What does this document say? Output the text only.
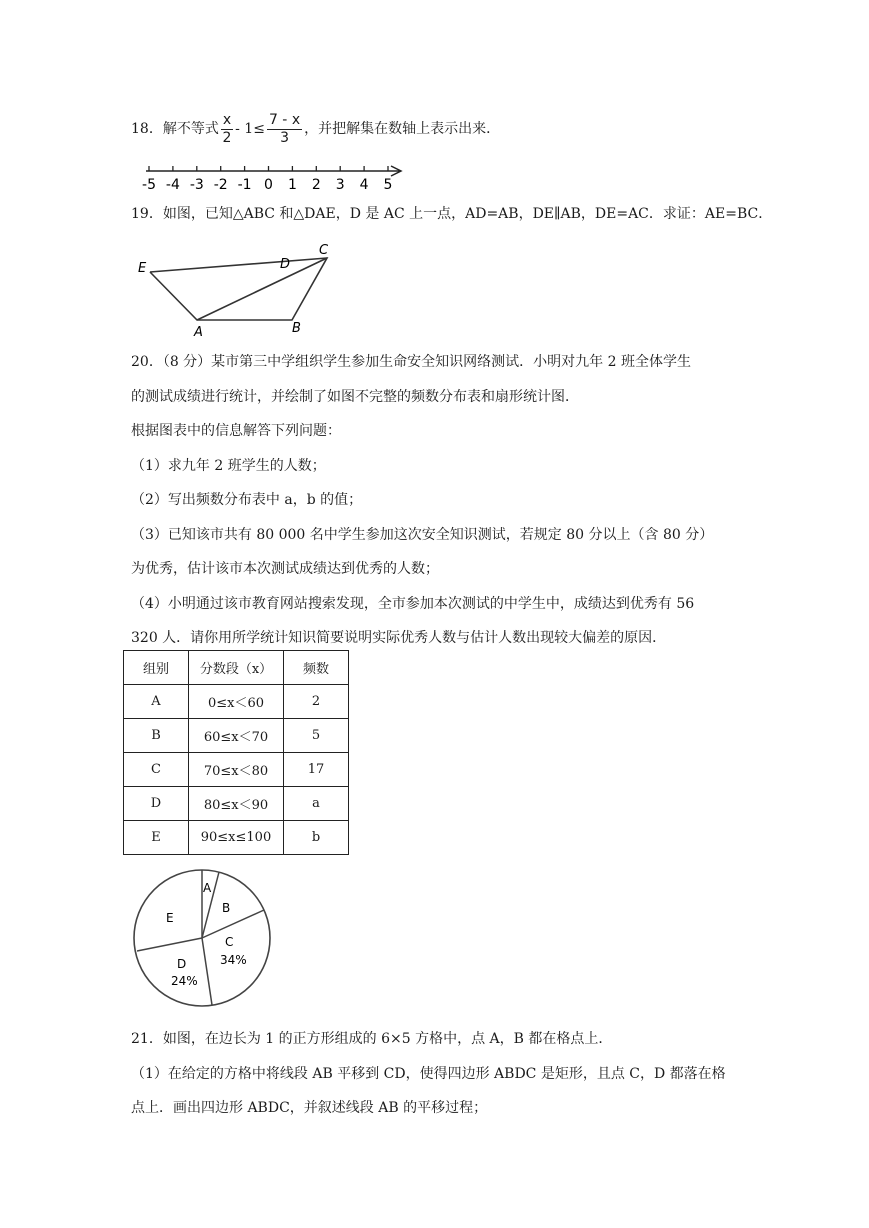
18．解不等式 $\frac{x}{2} - 1\le \frac{7 - x}{3}$ ，并把解集在数轴上表示出来．
-5 -4 -3 -2 -1 0 1 2 3 4 5
19．如图，已知△ABC 和△DAE，D 是 AC 上一点，AD=AB，DE∥AB，DE=AC．求证：AE=BC．
E	D
C
A	B
20．（8 分）某市第三中学组织学生参加生命安全知识网络测试．小明对九年 2 班全体学生
的测试成绩进行统计，并绘制了如图不完整的频数分布表和扇形统计图．
根据图表中的信息解答下列问题：
（1）求九年 2 班学生的人数；
（2）写出频数分布表中 a，b 的值；
（3）已知该市共有 80 000 名中学生参加这次安全知识测试，若规定 80 分以上（含 80 分）
为优秀，估计该市本次测试成绩达到优秀的人数；
（4）小明通过该市教育网站搜索发现，全市参加本次测试的中学生中，成绩达到优秀有 56
320 人．请你用所学统计知识简要说明实际优秀人数与估计人数出现较大偏差的原因．
组别	分数段（x）	频数
A	0≤x＜60	2
B	60≤x＜70	5
C	70≤x＜80	17
D	80≤x＜90	a
E	90≤x≤100	b
A
B
C
34%
E
D
24%
21．如图，在边长为 1 的正方形组成的 6×5 方格中，点 A，B 都在格点上．
（1）在给定的方格中将线段 AB 平移到 CD，使得四边形 ABDC 是矩形，且点 C，D 都落在格
点上．画出四边形 ABDC，并叙述线段 AB 的平移过程；
